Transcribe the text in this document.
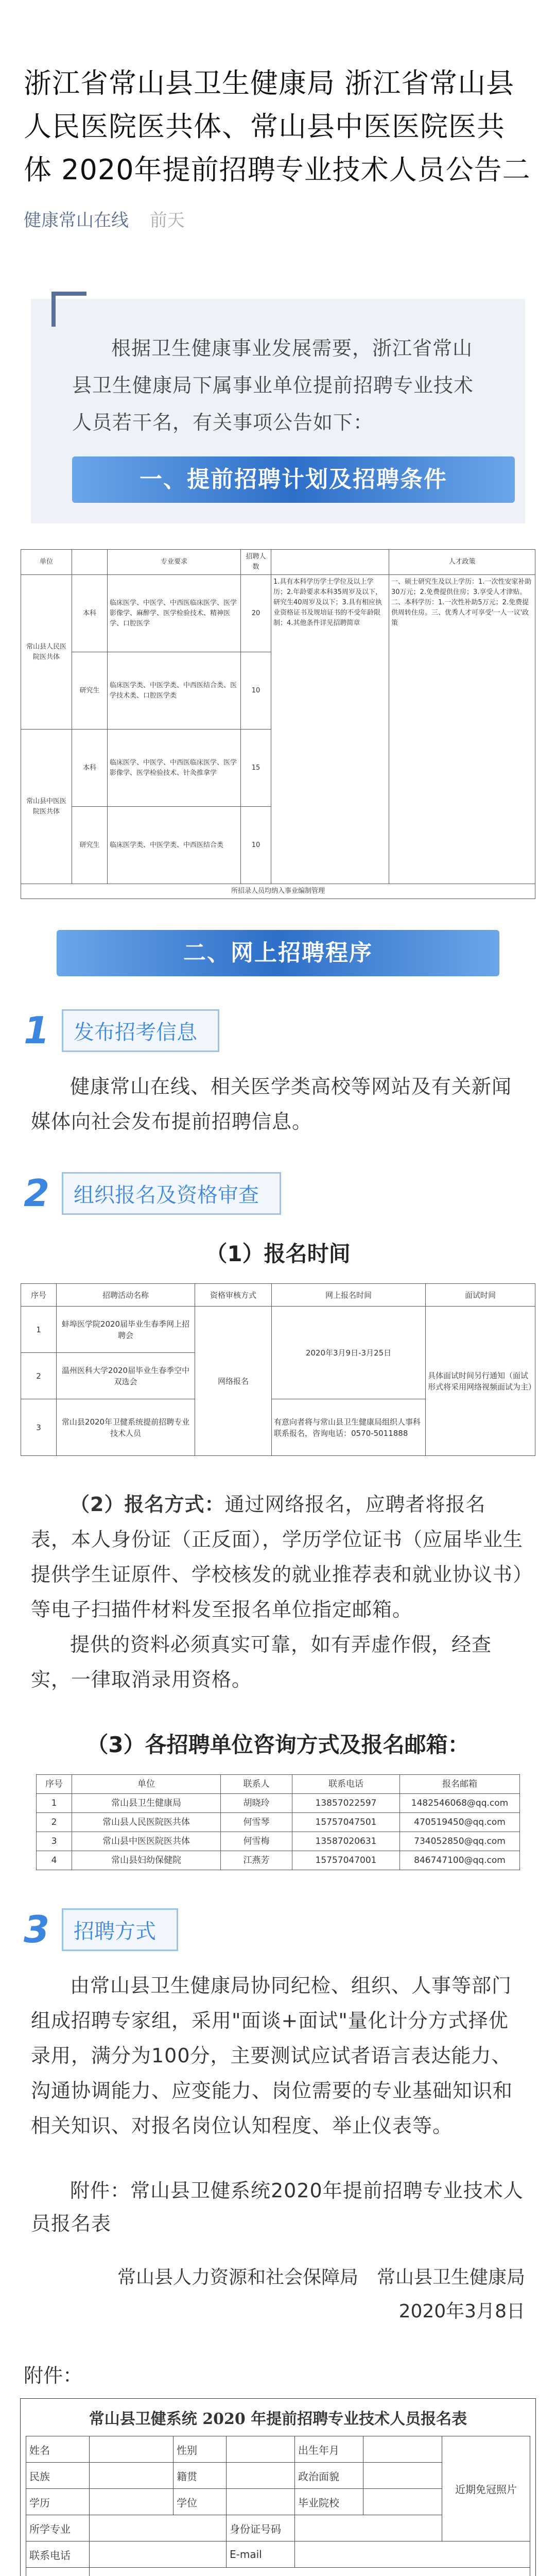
浙江省常山县卫生健康局 浙江省常山县人民医院医共体、常山县中医医院医共体 2020年提前招聘专业技术人员公告二
健康常山在线 前天
根据卫生健康事业发展需要，浙江省常山县卫生健康局下属事业单位提前招聘专业技术人员若干名，有关事项公告如下：
一、提前招聘计划及招聘条件
单位		专业要求	招聘人数		人才政策
常山县人民医院医共体	本科	临床医学、中医学、中西医临床医学、医学影像学、麻醉学、医学检验技术、精神医学、口腔医学	20	1.具有本科学历学士学位及以上学历；2.年龄要求本科35周岁及以下，研究生40周岁及以下；3.具有相应执业资格证书及规培证书的不受年龄限制；4.其他条件详见招聘简章	一、硕士研究生及以上学历：1.一次性安家补助30万元；2.免费提供住房；3.享受人才津贴。二、本科学历：1.一次性补助5万元；2.免费提供周转住房。三、优秀人才可享受'一人一议'政策
	研究生	临床医学类、中医学类、中西医结合类、医学技术类、口腔医学类	10		
常山县中医医院医共体	本科	临床医学、中医学、中西医临床医学、医学影像学、医学检验技术、针灸推拿学	15		
	研究生	临床医学类、中医学类、中西医结合类	10		
所招录人员均纳入事业编制管理					
二、网上招聘程序
1	发布招考信息
健康常山在线、相关医学类高校等网站及有关新闻媒体向社会发布提前招聘信息。
2	组织报名及资格审查
（1）报名时间
序号	招聘活动名称	资格审核方式	网上报名时间	面试时间
1	蚌埠医学院2020届毕业生春季网上招聘会	网络报名	2020年3月9日-3月25日	具体面试时间另行通知（面试形式将采用网络视频面试为主）
2	温州医科大学2020届毕业生春季空中双选会			
3	常山县2020年卫健系统提前招聘专业技术人员		有意向者将与常山县卫生健康局组织人事科联系报名，咨询电话：0570-5011888	
（2）报名方式：通过网络报名，应聘者将报名表，本人身份证（正反面），学历学位证书（应届毕业生提供学生证原件、学校核发的就业推荐表和就业协议书）等电子扫描件材料发至报名单位指定邮箱。
提供的资料必须真实可靠，如有弄虚作假，经查实，一律取消录用资格。
（3）各招聘单位咨询方式及报名邮箱：
序号	单位	联系人	联系电话	报名邮箱
1	常山县卫生健康局	胡晓玲	13857022597	1482546068@qq.com
2	常山县人民医院医共体	何雪琴	15757047501	470519450@qq.com
3	常山县中医医院医共体	何雪梅	13587020631	734052850@qq.com
4	常山县妇幼保健院	江燕芳	15757047001	846747100@qq.com
3	招聘方式
由常山县卫生健康局协同纪检、组织、人事等部门组成招聘专家组，采用"面谈+面试"量化计分方式择优录用，满分为100分，主要测试应试者语言表达能力、沟通协调能力、应变能力、岗位需要的专业基础知识和相关知识、对报名岗位认知程度、举止仪表等。
附件：常山县卫健系统2020年提前招聘专业技术人员报名表
常山县人力资源和社会保障局　常山县卫生健康局
2020年3月8日
附件：
常山县卫健系统 2020 年提前招聘专业技术人员报名表
姓名		性别		出生年月		近期免冠照片
民族		籍贯		政治面貌		
学历		学位		毕业院校		
所学专业			身份证号码			
联系电话			E-mail			
